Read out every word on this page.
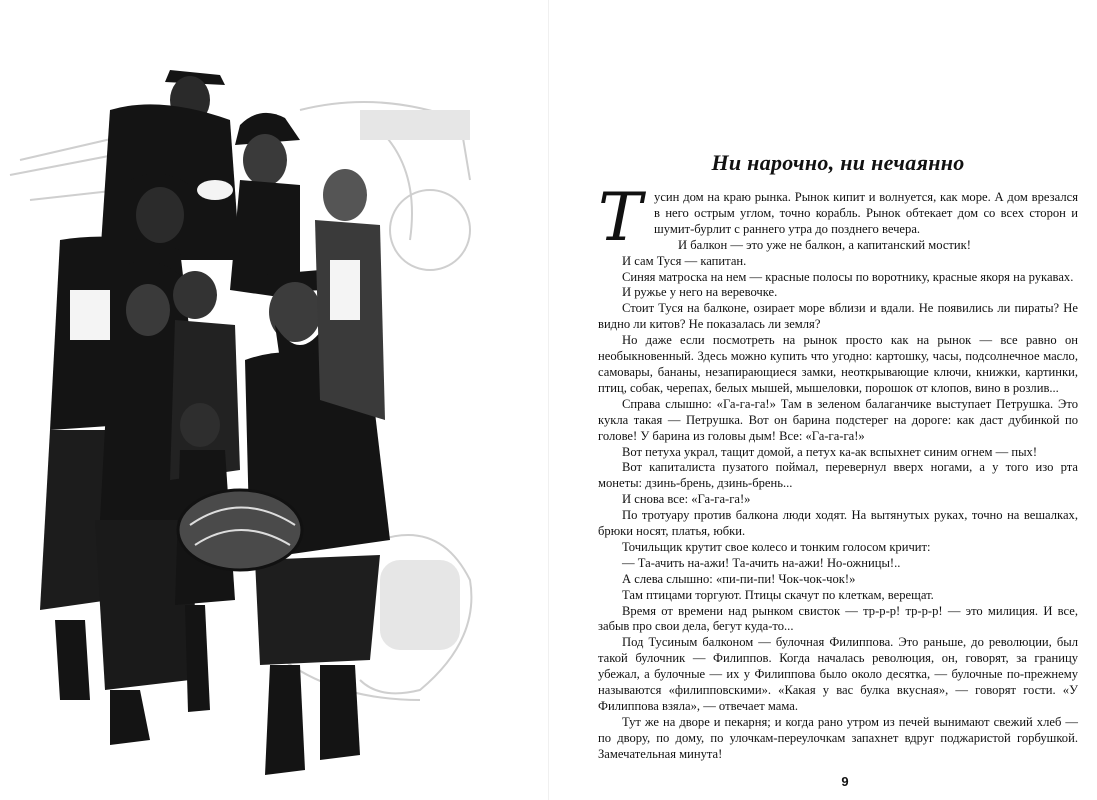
Ни нарочно, ни нечаянно

Тусин дом на краю рынка. Рынок кипит и волнуется, как море. А дом врезался в него острым углом, точно корабль. Рынок обтекает дом со всех сторон и шумит-бурлит с раннего утра до позднего вечера.

И балкон — это уже не балкон, а капитанский мостик!

И сам Туся — капитан.

Синяя матроска на нем — красные полосы по воротнику, красные якоря на рукавах.

И ружье у него на веревочке.

Стоит Туся на балконе, озирает море вблизи и вдали. Не появились ли пираты? Не видно ли китов? Не показалась ли земля?

Но даже если посмотреть на рынок просто как на рынок — все равно он необыкновенный. Здесь можно купить что угодно: картошку, часы, подсолнечное масло, самовары, бананы, незапирающиеся замки, неоткрывающие ключи, книжки, картинки, птиц, собак, черепах, белых мышей, мышеловки, порошок от клопов, вино в розлив...

Справа слышно: «Га-га-га!» Там в зеленом балаганчике выступает Петрушка. Это кукла такая — Петрушка. Вот он барина подстерег на дороге: как даст дубинкой по голове! У барина из головы дым! Все: «Га-га-га!»

Вот петуха украл, тащит домой, а петух ка-ак вспыхнет синим огнем — пых!

Вот капиталиста пузатого поймал, перевернул вверх ногами, а у того изо рта монеты: дзинь-брень, дзинь-брень...

И снова все: «Га-га-га!»

По тротуару против балкона люди ходят. На вытянутых руках, точно на вешалках, брюки носят, платья, юбки.

Точильщик крутит свое колесо и тонким голосом кричит:

— Та-ачить на-ажи! Та-ачить на-ажи! Но-ожницы!..

А слева слышно: «пи-пи-пи! Чок-чок-чок!»

Там птицами торгуют. Птицы скачут по клеткам, верещат.

Время от времени над рынком свисток — тр-р-р! тр-р-р! — это милиция. И все, забыв про свои дела, бегут куда-то...

Под Тусиным балконом — булочная Филиппова. Это раньше, до революции, был такой булочник — Филиппов. Когда началась революция, он, говорят, за границу убежал, а булочные — их у Филиппова было около десятка, — булочные по-прежнему называются «филипповскими». «Какая у вас булка вкусная», — говорят гости. «У Филиппова взяла», — отвечает мама.

Тут же на дворе и пекарня; и когда рано утром из печей вынимают свежий хлеб — по двору, по дому, по улочкам-переулочкам запахнет вдруг поджаристой горбушкой. Замечательная минута!

9
